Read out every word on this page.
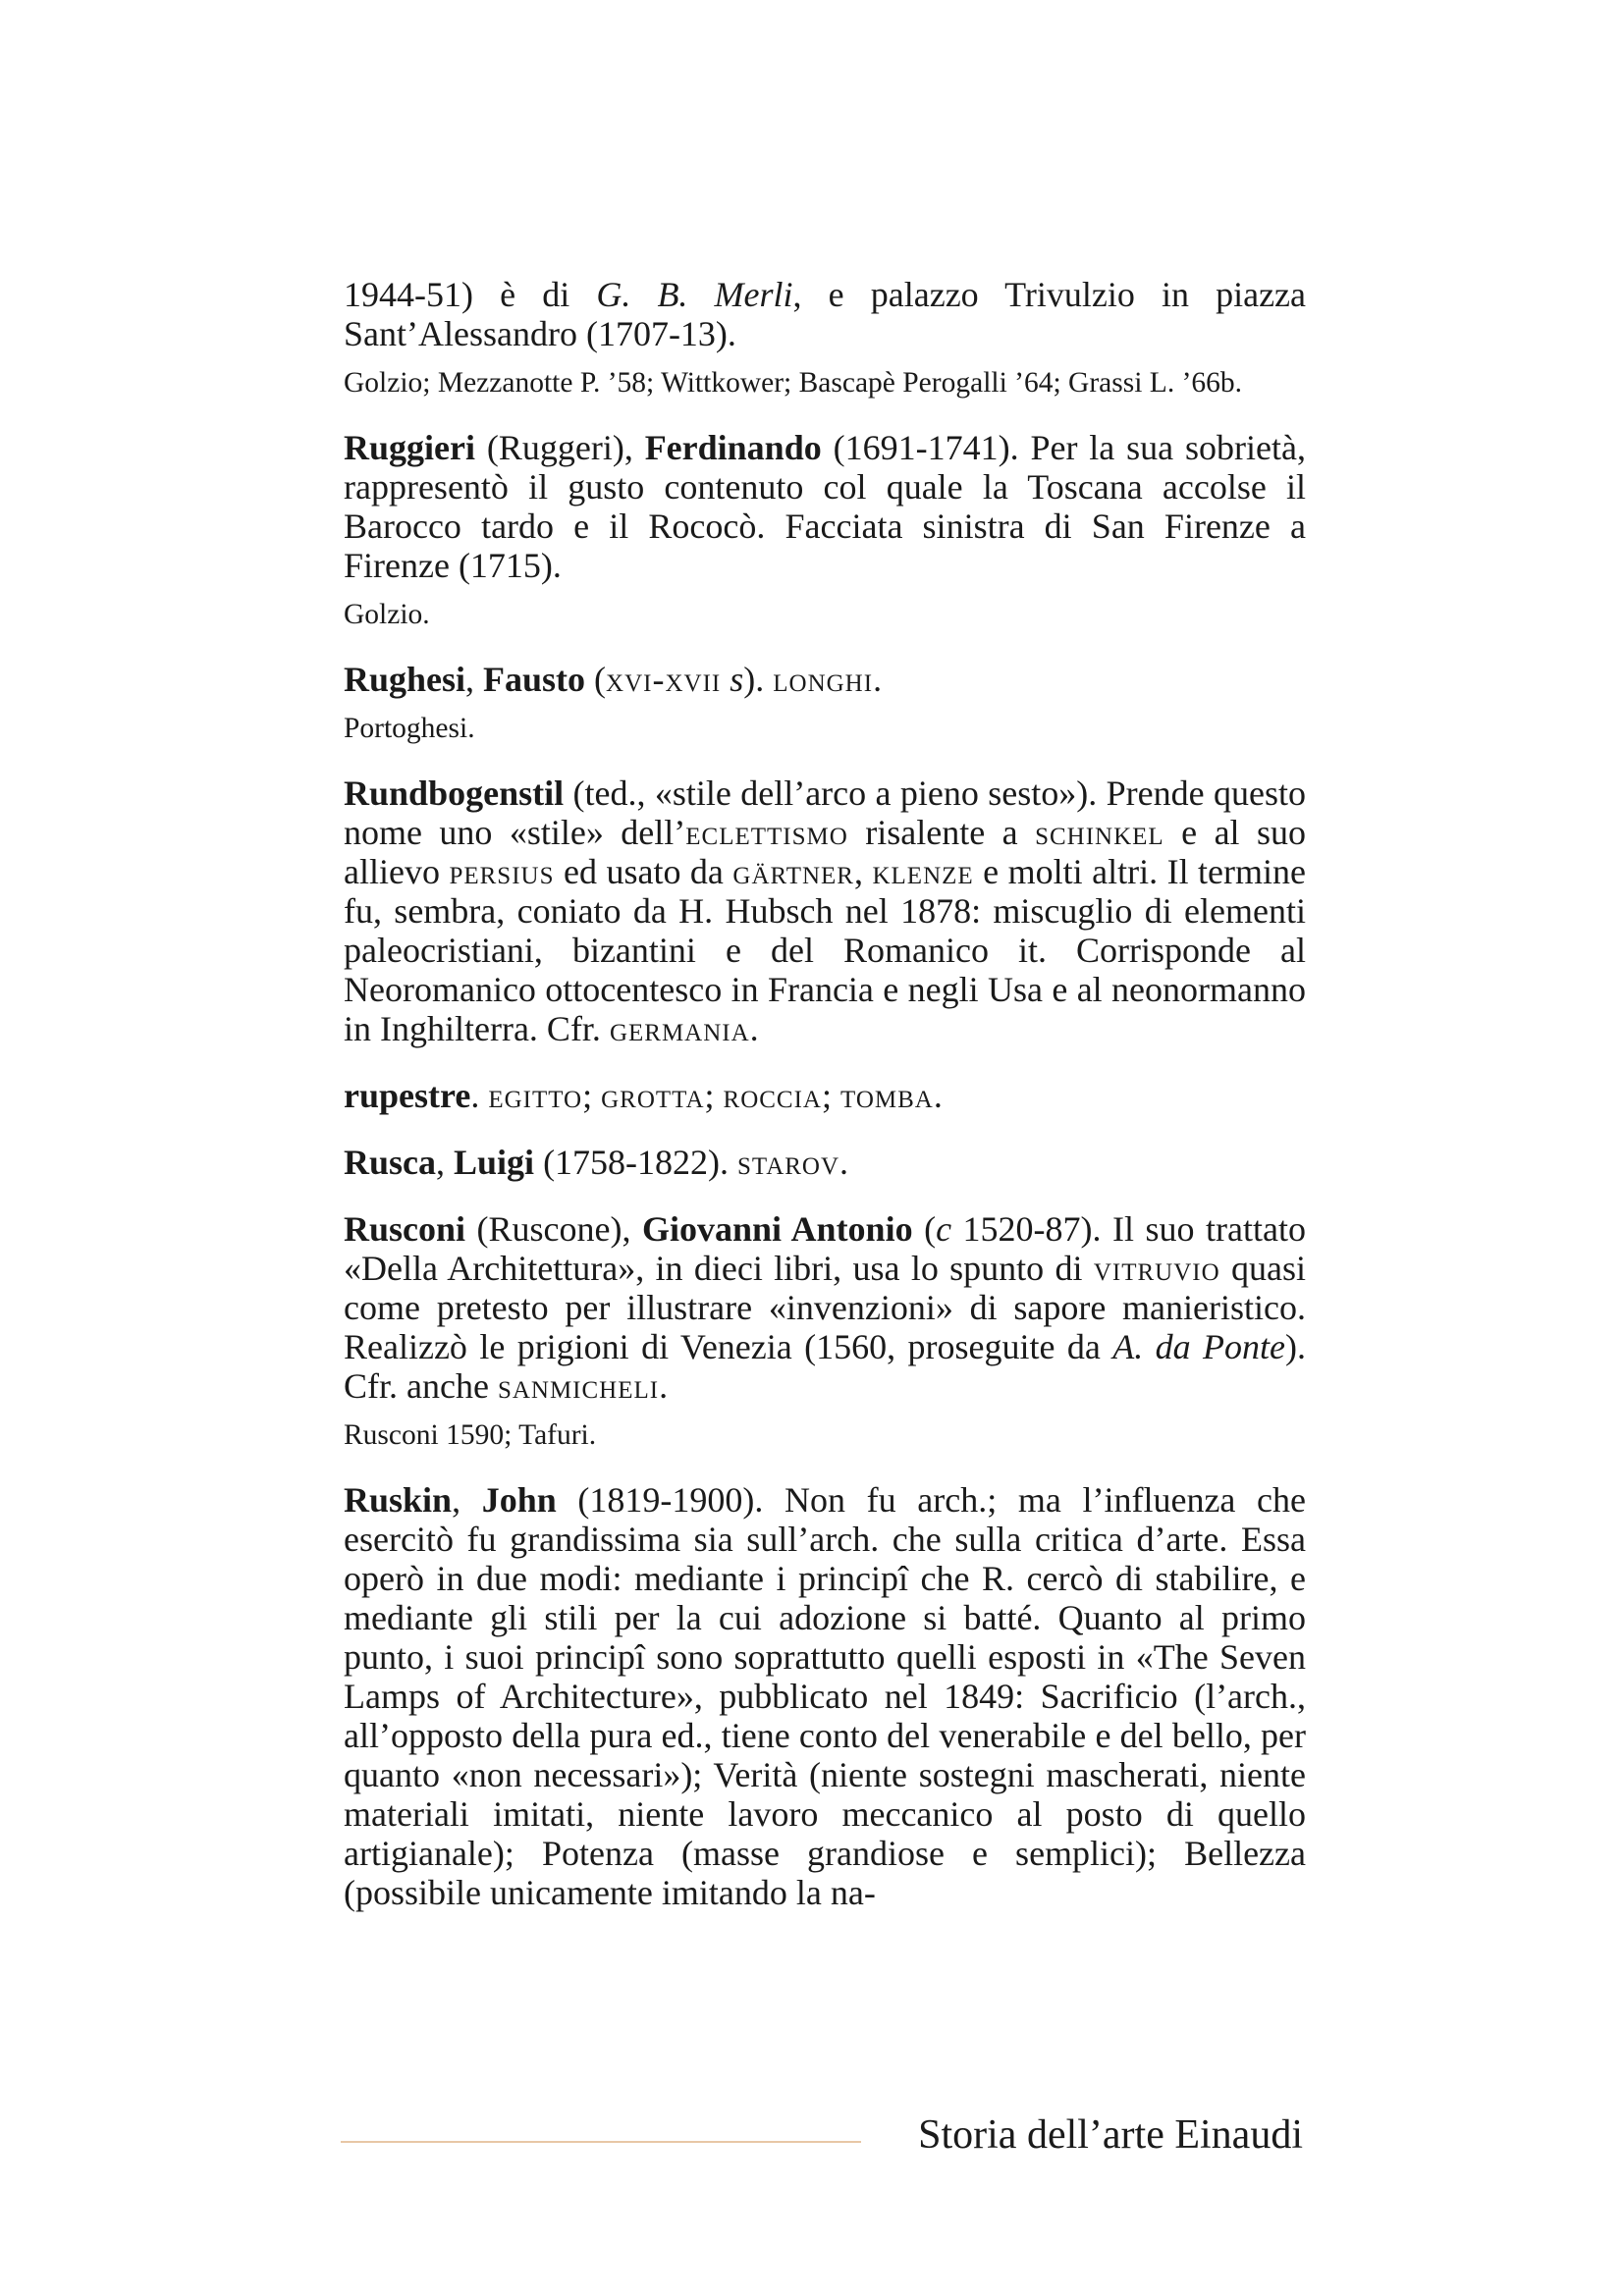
1944-51) è di G. B. Merli, e palazzo Trivulzio in piazza Sant’Alessandro (1707-13).

Golzio; Mezzanotte P. ’58; Wittkower; Bascapè Perogalli ’64; Grassi L. ’66b.

Ruggieri (Ruggeri), Ferdinando (1691-1741). Per la sua sobrietà, rappresentò il gusto contenuto col quale la Toscana accolse il Barocco tardo e il Rococò. Facciata sinistra di San Firenze a Firenze (1715).

Golzio.

Rughesi, Fausto (xvi-xvii s). longhi.

Portoghesi.

Rundbogenstil (ted., «stile dell’arco a pieno sesto»). Prende questo nome uno «stile» dell’eclettismo risalente a schinkel e al suo allievo persius ed usato da gärtner, klenze e molti altri. Il termine fu, sembra, coniato da H. Hubsch nel 1878: miscuglio di elementi paleocristiani, bizantini e del Romanico it. Corrisponde al Neoromanico ottocentesco in Francia e negli Usa e al neonormanno in Inghilterra. Cfr. germania.

rupestre. egitto; grotta; roccia; tomba.

Rusca, Luigi (1758-1822). starov.

Rusconi (Ruscone), Giovanni Antonio (c 1520-87). Il suo trattato «Della Architettura», in dieci libri, usa lo spunto di vitruvio quasi come pretesto per illustrare «invenzioni» di sapore manieristico. Realizzò le prigioni di Venezia (1560, proseguite da A. da Ponte). Cfr. anche sanmicheli.

Rusconi 1590; Tafuri.

Ruskin, John (1819-1900). Non fu arch.; ma l’influenza che esercitò fu grandissima sia sull’arch. che sulla critica d’arte. Essa operò in due modi: mediante i principî che R. cercò di stabilire, e mediante gli stili per la cui adozione si batté. Quanto al primo punto, i suoi principî sono soprattutto quelli esposti in «The Seven Lamps of Architecture», pubblicato nel 1849: Sacrificio (l’arch., all’opposto della pura ed., tiene conto del venerabile e del bello, per quanto «non necessari»); Verità (niente sostegni mascherati, niente materiali imitati, niente lavoro meccanico al posto di quello artigianale); Potenza (masse grandiose e semplici); Bellezza (possibile unicamente imitando la na-

Storia dell’arte Einaudi
